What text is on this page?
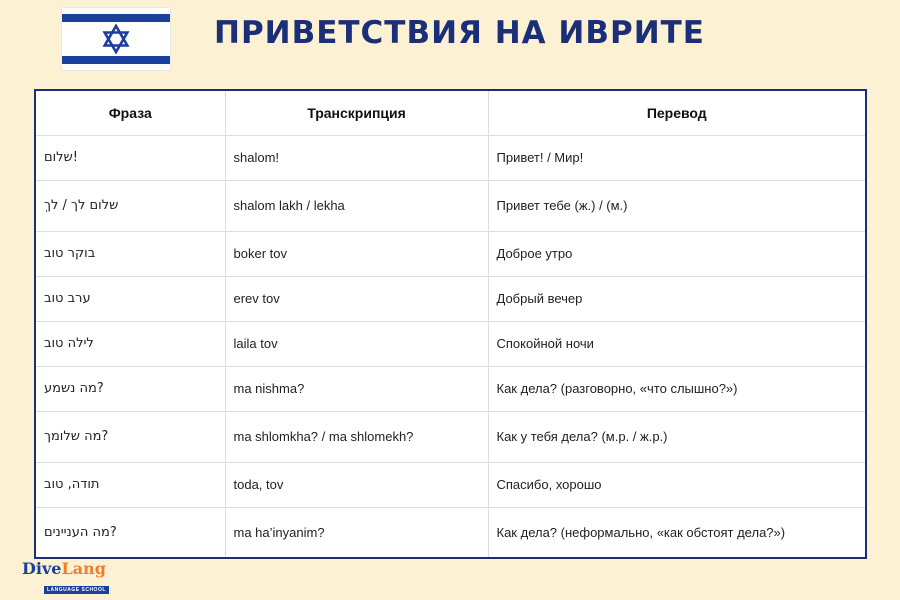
ПРИВЕТСТВИЯ НА ИВРИТЕ
Фраза	Транскрипция	Перевод
שלום!	shalom!	Привет! / Мир!
שלום לך / לךְ	shalom lakh / lekha	Привет тебе (ж.) / (м.)
בוקר טוב	boker tov	Доброе утро
ערב טוב	erev tov	Добрый вечер
לילה טוב	laila tov	Спокойной ночи
מה נשמע?	ma nishma?	Как дела? (разговорно, «что слышно?»)
מה שלומך?	ma shlomkha? / ma shlomekh?	Как у тебя дела? (м.р. / ж.р.)
תודה, טוב	toda, tov	Спасибо, хорошо
מה העניינים?	ma ha’inyanim?	Как дела? (неформально, «как обстоят дела?»)
DiveLang
LANGUAGE SCHOOL
